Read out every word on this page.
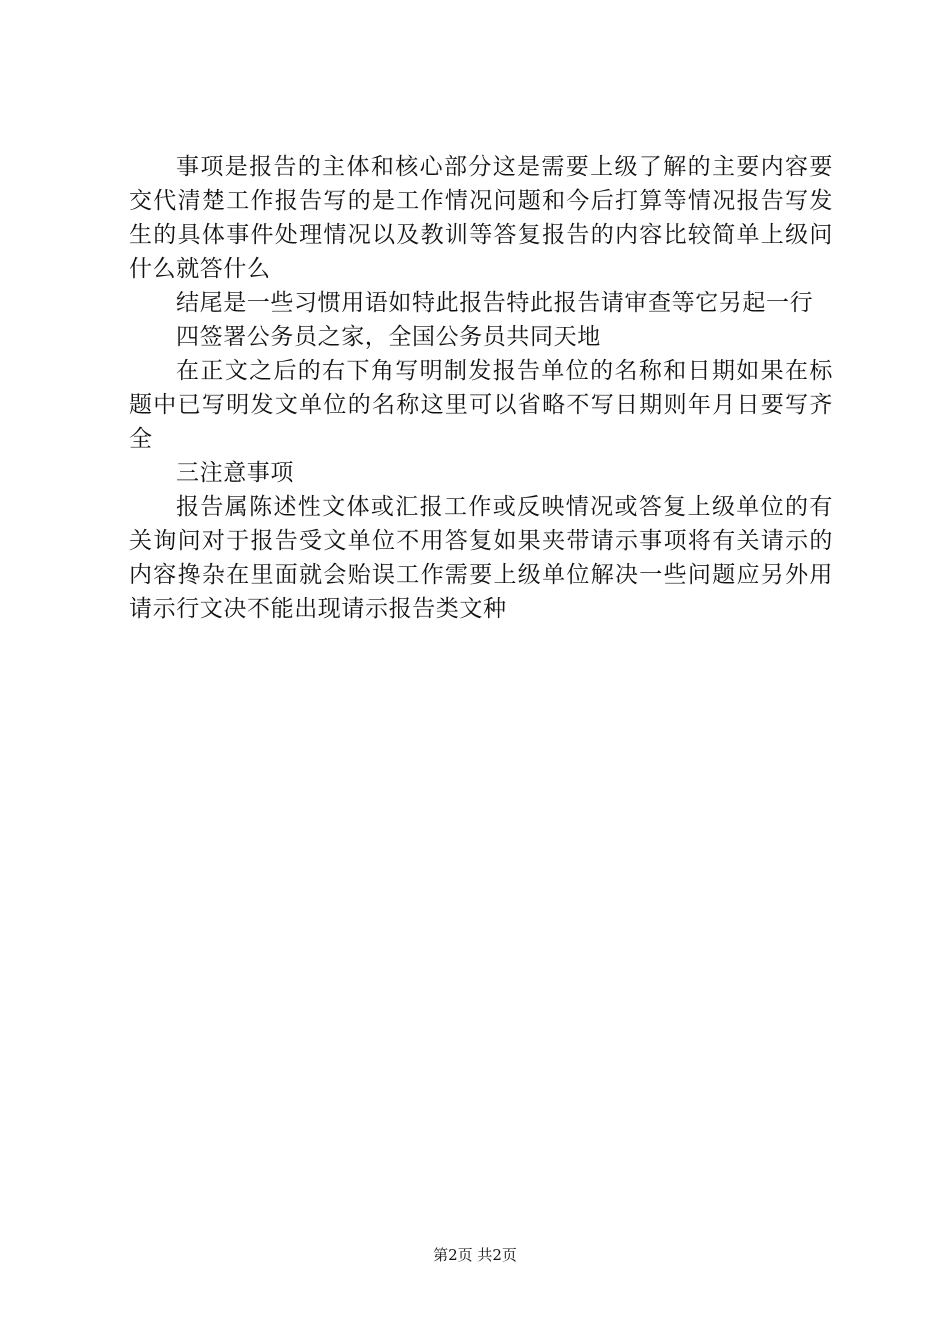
事项是报告的主体和核心部分这是需要上级了解的主要内容要交代清楚工作报告写的是工作情况问题和今后打算等情况报告写发生的具体事件处理情况以及教训等答复报告的内容比较简单上级问什么就答什么

结尾是一些习惯用语如特此报告特此报告请审查等它另起一行

四签署公务员之家，全国公务员共同天地

在正文之后的右下角写明制发报告单位的名称和日期如果在标题中已写明发文单位的名称这里可以省略不写日期则年月日要写齐全

三注意事项

报告属陈述性文体或汇报工作或反映情况或答复上级单位的有关询问对于报告受文单位不用答复如果夹带请示事项将有关请示的内容搀杂在里面就会贻误工作需要上级单位解决一些问题应另外用请示行文决不能出现请示报告类文种

第2页 共2页
